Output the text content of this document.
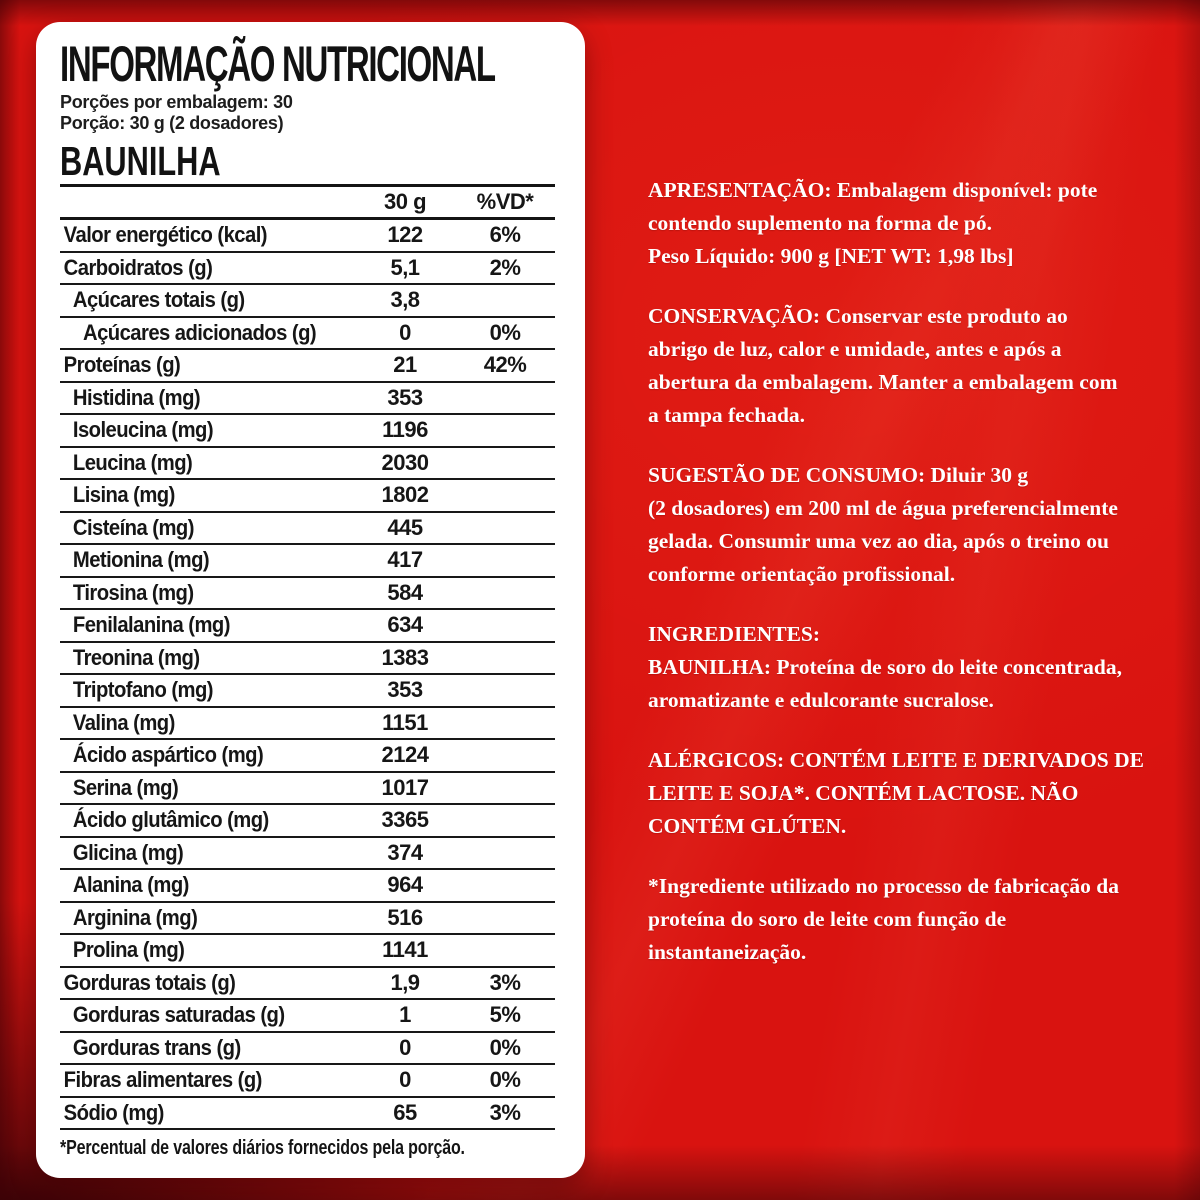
INFORMAÇÃO NUTRICIONAL
Porções por embalagem: 30
Porção: 30 g (2 dosadores)
BAUNILHA
30 g	%VD*
Valor energético (kcal)	122	6%
Carboidratos (g)	5,1	2%
Açúcares totais (g)	3,8
Açúcares adicionados (g)	0	0%
Proteínas (g)	21	42%
Histidina (mg)	353
Isoleucina (mg)	1196
Leucina (mg)	2030
Lisina (mg)	1802
Cisteína (mg)	445
Metionina (mg)	417
Tirosina (mg)	584
Fenilalanina (mg)	634
Treonina (mg)	1383
Triptofano (mg)	353
Valina (mg)	1151
Ácido aspártico (mg)	2124
Serina (mg)	1017
Ácido glutâmico (mg)	3365
Glicina (mg)	374
Alanina (mg)	964
Arginina (mg)	516
Prolina (mg)	1141
Gorduras totais (g)	1,9	3%
Gorduras saturadas (g)	1	5%
Gorduras trans (g)	0	0%
Fibras alimentares (g)	0	0%
Sódio (mg)	65	3%
*Percentual de valores diários fornecidos pela porção.
APRESENTAÇÃO: Embalagem disponível: pote
contendo suplemento na forma de pó.
Peso Líquido: 900 g [NET WT: 1,98 lbs]
CONSERVAÇÃO: Conservar este produto ao
abrigo de luz, calor e umidade, antes e após a
abertura da embalagem. Manter a embalagem com
a tampa fechada.
SUGESTÃO DE CONSUMO: Diluir 30 g
(2 dosadores) em 200 ml de água preferencialmente
gelada. Consumir uma vez ao dia, após o treino ou
conforme orientação profissional.
INGREDIENTES:
BAUNILHA: Proteína de soro do leite concentrada,
aromatizante e edulcorante sucralose.
ALÉRGICOS: CONTÉM LEITE E DERIVADOS DE
LEITE E SOJA*. CONTÉM LACTOSE. NÃO
CONTÉM GLÚTEN.
*Ingrediente utilizado no processo de fabricação da
proteína do soro de leite com função de
instantaneização.
